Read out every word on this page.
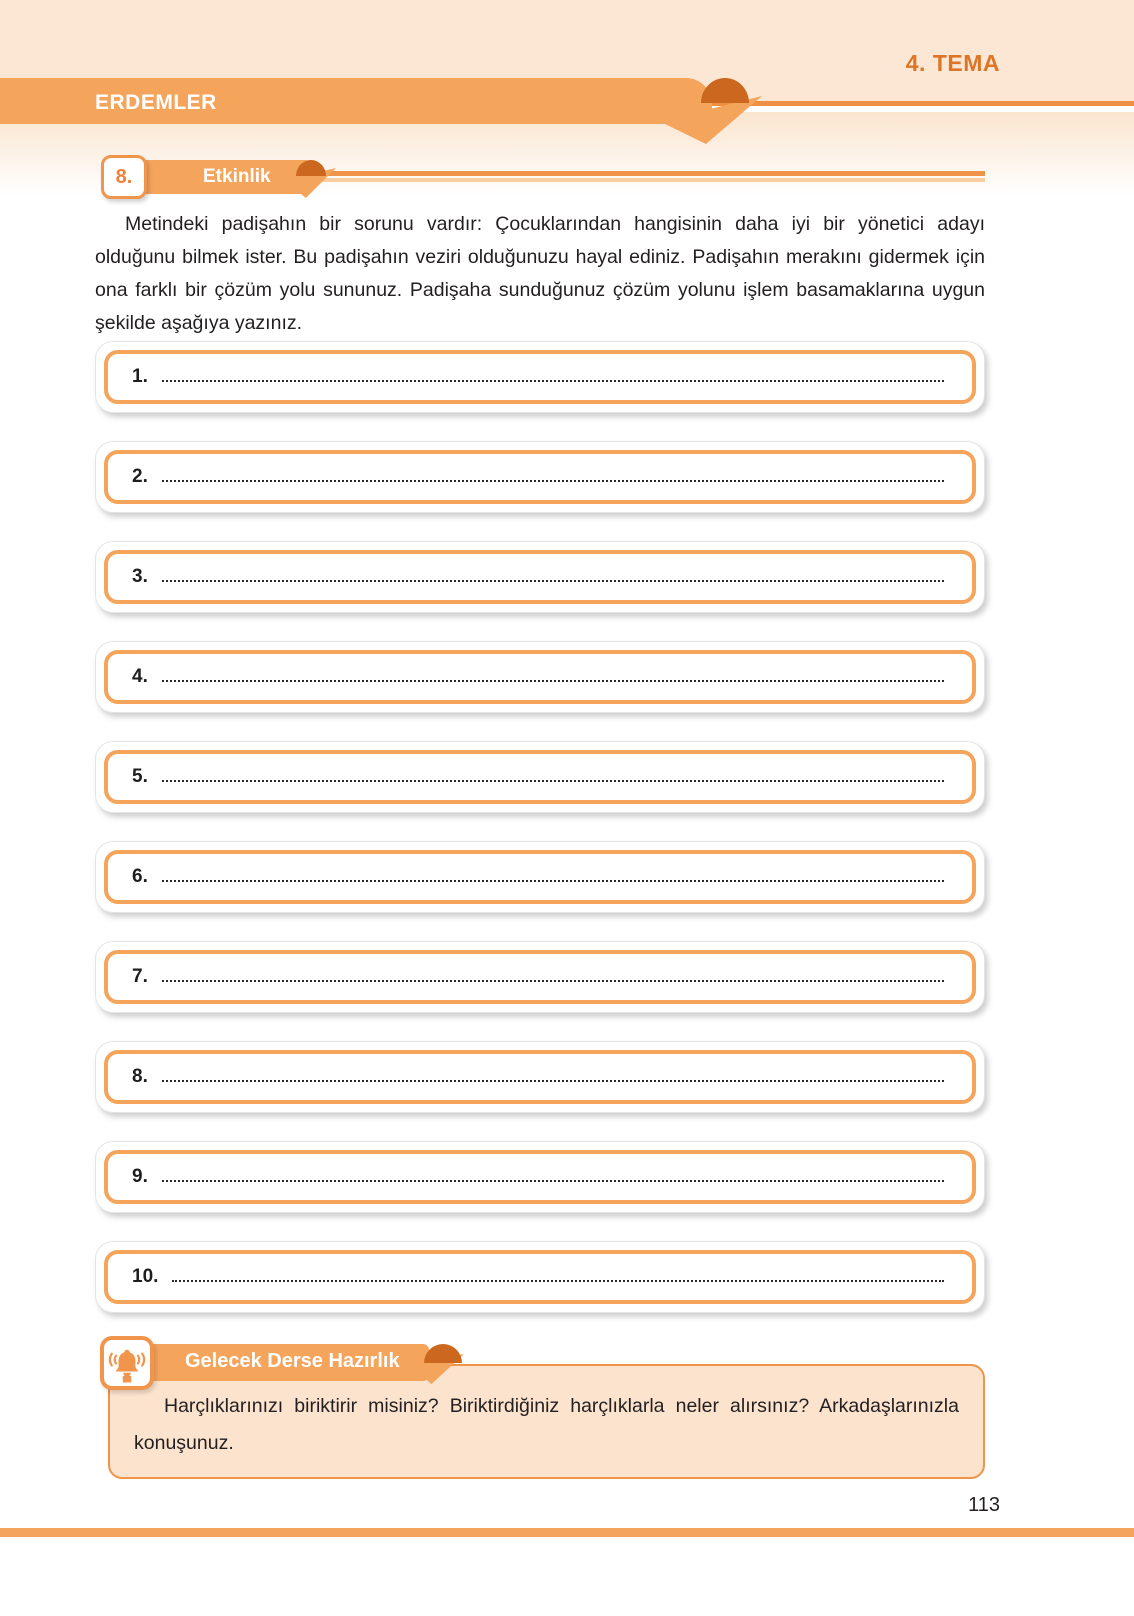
4. TEMA
ERDEMLER
Etkinlik
8.

Metindeki padişahın bir sorunu vardır: Çocuklarından hangisinin daha iyi bir yönetici adayı olduğunu bilmek ister. Bu padişahın veziri olduğunuzu hayal ediniz. Padişahın merakını gidermek için ona farklı bir çözüm yolu sununuz. Padişaha sunduğunuz çözüm yolunu işlem basamaklarına uygun şekilde aşağıya yazınız.

1.
2.
3.
4.
5.
6.
7.
8.
9.
10.

Harçlıklarınızı biriktirir misiniz? Biriktirdiğiniz harçlıklarla neler alırsınız? Arkadaşlarınızla konuşunuz.

Gelecek Derse Hazırlık
113
